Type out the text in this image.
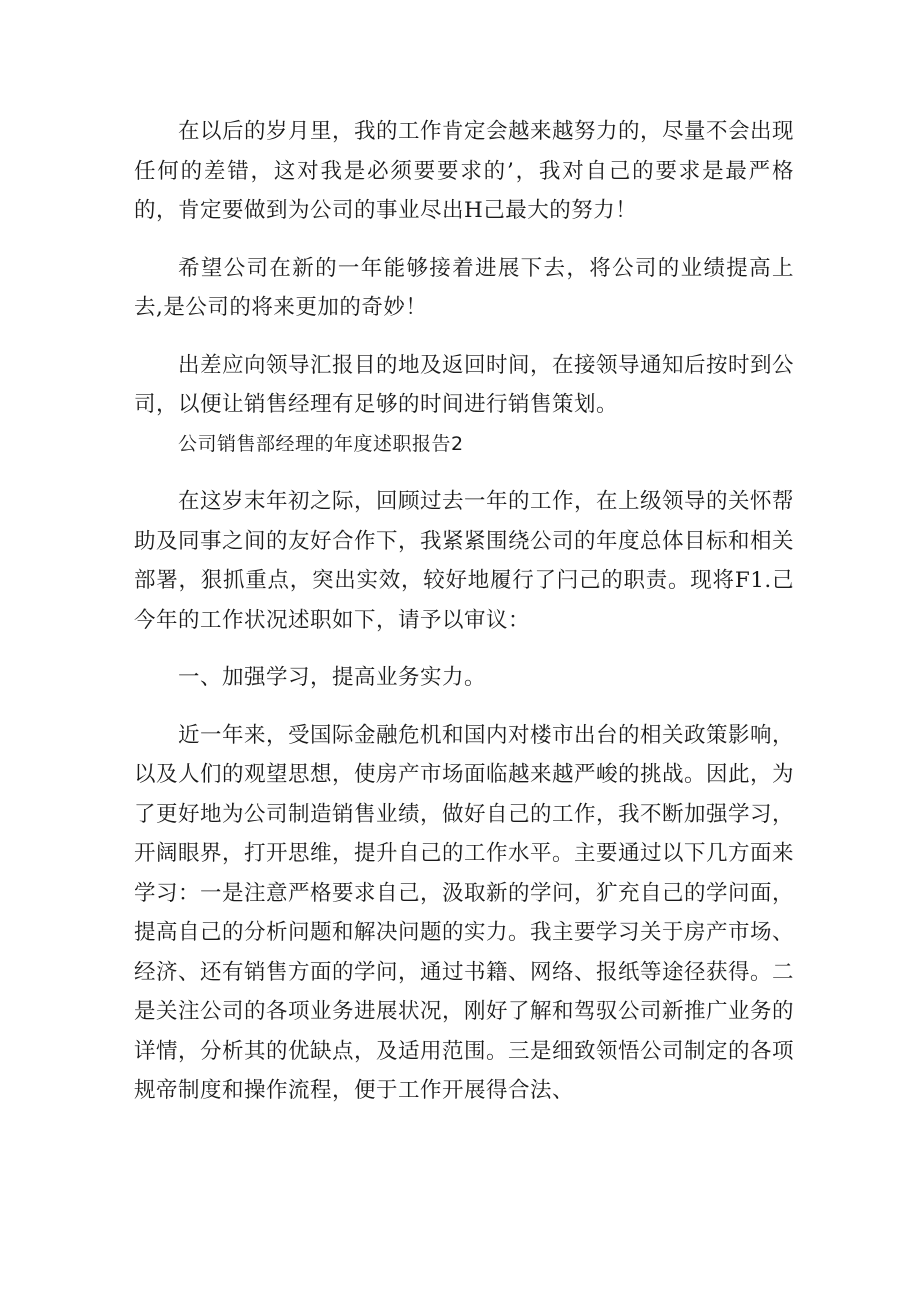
在以后的岁月里，我的工作肯定会越来越努力的，尽量不会出现任何的差错，这对我是必须要要求的’，我对自己的要求是最严格的，肯定要做到为公司的事业尽出H己最大的努力！

希望公司在新的一年能够接着进展下去，将公司的业绩提高上去,是公司的将来更加的奇妙！

出差应向领导汇报目的地及返回时间，在接领导通知后按时到公司，以便让销售经理有足够的时间进行销售策划。

公司销售部经理的年度述职报告2

在这岁末年初之际，回顾过去一年的工作，在上级领导的关怀帮助及同事之间的友好合作下，我紧紧围绕公司的年度总体目标和相关部署，狠抓重点，突出实效，较好地履行了闩己的职责。现将F1.己今年的工作状况述职如下，请予以审议：

一、加强学习，提高业务实力。

近一年来，受国际金融危机和国内对楼市出台的相关政策影响，以及人们的观望思想，使房产市场面临越来越严峻的挑战。因此，为了更好地为公司制造销售业绩，做好自己的工作，我不断加强学习，开阔眼界，打开思维，提升自己的工作水平。主要通过以下几方面来学习：一是注意严格要求自己，汲取新的学问，犷充自己的学问面，提高自己的分析问题和解决问题的实力。我主要学习关于房产市场、经济、还有销售方面的学问，通过书籍、网络、报纸等途径获得。二是关注公司的各项业务进展状况，刚好了解和驾驭公司新推广业务的详情，分析其的优缺点，及适用范围。三是细致领悟公司制定的各项规帝制度和操作流程，便于工作开展得合法、
